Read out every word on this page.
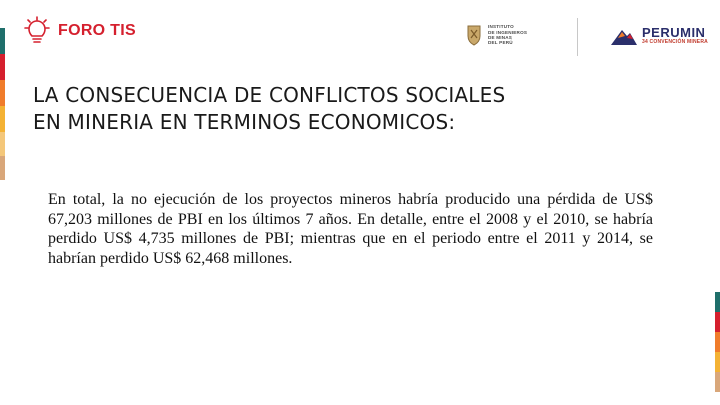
FORO TIS	INSTITUTO
DE INGENIEROS
DE MINAS
DEL PERÚ
PERUMIN
34 CONVENCIÓN MINERA
LA CONSECUENCIA DE CONFLICTOS SOCIALES
EN MINERIA EN TERMINOS ECONOMICOS:

En total, la no ejecución de los proyectos mineros habría producido una pérdida de US$ 67,203 millones de PBI en los últimos 7 años. En detalle, entre el 2008 y el 2010, se habría perdido US$ 4,735 millones de PBI; mientras que en el periodo entre el 2011 y 2014, se habrían perdido US$ 62,468 millones.
